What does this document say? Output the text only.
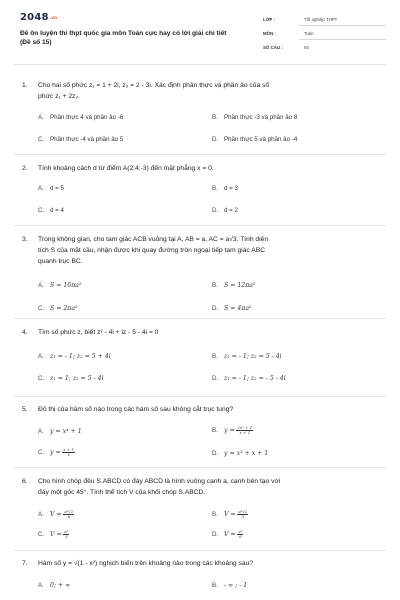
2048.vn
Đề ôn luyện thi thpt quốc gia môn Toán cực hay có lời giải chi tiết (Đề số 15)
LỚP :	Tốt nghiệp THPT
MÔN :	Toán
SỐ CÂU :	50
1.	Cho hai số phức z₁ = 1 + 2i, z₂ = 2 - 3i. Xác định phần thực và phần ảo của số
phức z₁ + 2z₂.
A. Phần thực 4 và phần ảo -6	B. Phần thực -3 và phần ảo 8
C. Phần thực -4 và phần ảo 5	D. Phần thực 5 và phần ảo -4
2.	Tính khoảng cách d từ điểm A(2;4;-3) đến mặt phẳng x = 0.
A. d = 5	B. d = 3
C. d = 4	D. d = 2
3.	Trong không gian, cho tam giác ACB vuông tại A, AB = a, AC = a√3. Tính diện
tích S của mặt cầu, nhận được khi quay đường tròn ngoại tiếp tam giác ABC
quanh trục BC.
A. S = 16πa²	B. S = 12πa²
C. S = 2πa²	D. S = 4πa²
4.	Tìm số phức z, biết z² - 4i + iz - 5 - 4i = 0
A. z₁ = - 1; z₂ = 5 + 4i	B. z₁ = - 1; z₂ = 5 - 4i
C. z₁ = 1; z₂ = 5 - 4i	D. z₁ = - 1; z₂ = - 5 - 4i
5.	Đồ thị của hàm số nào trong các hàm số sau không cắt trục tung?
A. y = x⁴ + 1	B. $y = \frac{\text{2x² + 1}}{x + 1}$
C. $y = \frac{x + 1}{x}$	D. y = x³ + x + 1
6.	Cho hình chóp đều S.ABCD có đáy ABCD là hình vuông cạnh a, cạnh bên tạo với
đáy một góc 45°. Tính thể tích V của khối chóp S.ABCD.
A. $V = \frac{\text{a³√2}}{6}$	B. $V = \frac{\text{a³√2}}{3}$
C. $V = \frac{\text{a³}}{3}$	D. $V = \frac{\text{a³}}{6}$
7.	Hàm số y = √(1 - x²) nghịch biến trên khoảng nào trong các khoảng sau?
A. 0; + ∞	B. - ∞ ; - 1
